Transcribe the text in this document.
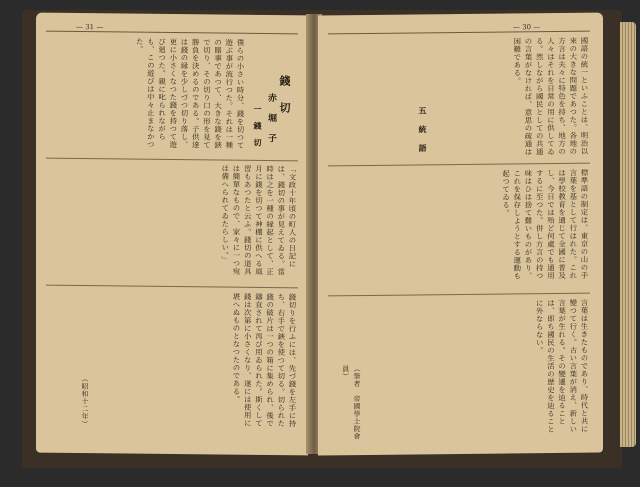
— 31 —
錢 切
赤 堀 子
一 錢 切
僕らの小さい時分、錢を切つて遊ぶ事が流行つた。それは一種の賭事であつて、大きな錢を鋏で切り、その切り口の形を見て勝負を決めるのである。子供達は錢の縁を少しづつ切り落し、更に小さくなつた錢を持つて遊び廻つた。親に叱られながらも、この遊びは中々止まなかつた。
「文政十年頃の町人の日記には、錢切の事が見えてゐる。當時は之を一種の縁起として、正月に錢を切つて神棚に供へる風習もあつたと云ふ。錢切の道具は簡單なもので、家々に一つ宛は備へられてゐたらしい。」
錢切りを行ふには、先づ錢を左手に持ち、右手で鋏を使つて切る。切られた錢の破片は一つの箱に集められ、後で鑄直されて再び用ゐられた。斯くして錢は次第に小さくなり、遂には使用に堪へぬものとなつたのである。
（昭和十二年）
— 30 —
國語の統一といふことは、明治以來の大きな問題であつた。各地の方言は夫々に特色を持ち、地方の人々はそれを日常の用に供してゐる。然しながら國民としての共通の言葉がなければ、意思の疏通は困難である。
五 統 語
標準語の制定は、東京の山の手言葉を基として行はれた。これは學校教育を通じて全國に普及し、今日では殆ど何處でも通用するに至つた。併し方言の持つ味はひは捨て難いものがあり、これを保存しようとする運動も起つてゐる。
言葉は生きたものであり、時代と共に變つて行く。古い言葉が消え、新しい言葉が生れる。その變遷を辿ることは、即ち國民の生活の歴史を辿ることに外ならない。
（筆者　帝國學士院會員）
